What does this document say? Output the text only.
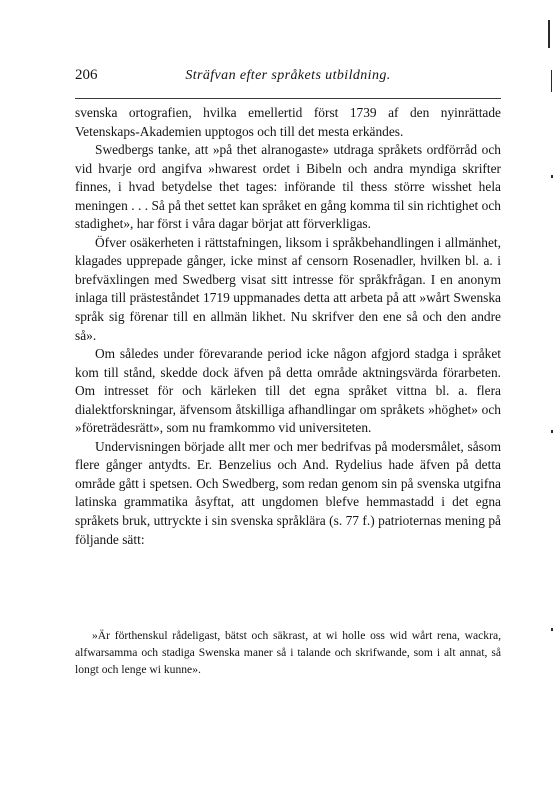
206	Sträfvan efter språkets utbildning.

svenska ortografien, hvilka emellertid först 1739 af den nyinrättade Vetenskaps-Akademien upptogos och till det mesta erkändes.

Swedbergs tanke, att »på thet alranogaste» utdraga språkets ordförråd och vid hvarje ord angifva »hwarest ordet i Bibeln och andra myndiga skrifter finnes, i hvad betydelse thet tages: införande til thess större wisshet hela meningen . . . Så på thet settet kan språket en gång komma til sin richtighet och stadighet», har först i våra dagar börjat att förverkligas.

Öfver osäkerheten i rättstafningen, liksom i språkbehandlingen i allmänhet, klagades upprepade gånger, icke minst af censorn Rosenadler, hvilken bl. a. i brefväxlingen med Swedberg visat sitt intresse för språkfrågan. I en anonym inlaga till prästeståndet 1719 uppmanades detta att arbeta på att »wårt Swenska språk sig förenar till en allmän likhet. Nu skrifver den ene så och den andre så».

Om således under förevarande period icke någon afgjord stadga i språket kom till stånd, skedde dock äfven på detta område aktningsvärda förarbeten. Om intresset för och kärleken till det egna språket vittna bl. a. flera dialektforskningar, äfvensom åtskilliga afhandlingar om språkets »höghet» och »företrädesrätt», som nu framkommo vid universiteten.

Undervisningen började allt mer och mer bedrifvas på modersmålet, såsom flere gånger antydts. Er. Benzelius och And. Rydelius hade äfven på detta område gått i spetsen. Och Swedberg, som redan genom sin på svenska utgifna latinska grammatika åsyftat, att ungdomen blefve hemmastadd i det egna språkets bruk, uttryckte i sin svenska språklära (s. 77 f.) patrioternas mening på följande sätt:

»Är förthenskul rådeligast, bätst och säkrast, at wi holle oss wid wårt rena, wackra, alfwarsamma och stadiga Swenska maner så i talande och skrifwande, som i alt annat, så longt och lenge wi kunne».
